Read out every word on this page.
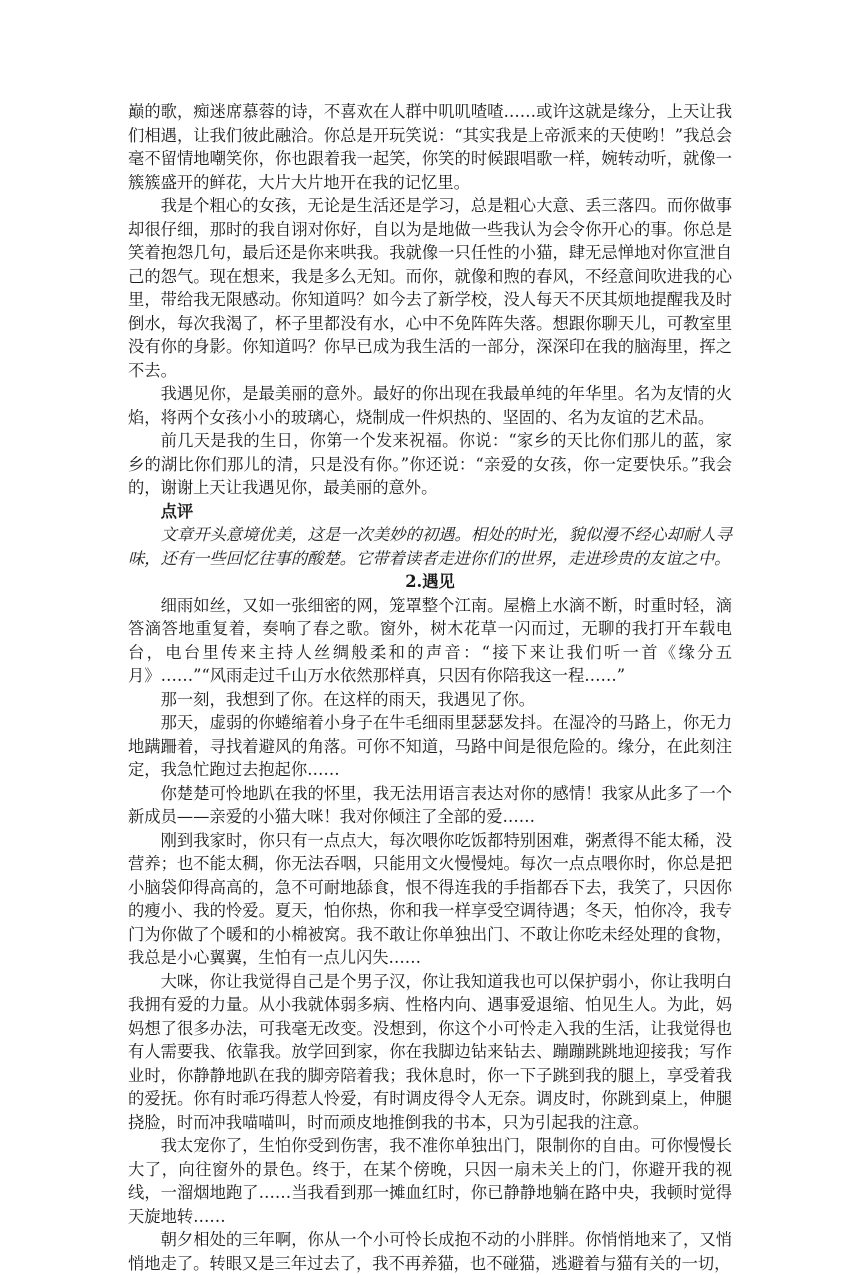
巅的歌，痴迷席慕蓉的诗，不喜欢在人群中叽叽喳喳……或许这就是缘分，上天让我们相遇，让我们彼此融洽。你总是开玩笑说：“其实我是上帝派来的天使哟！”我总会毫不留情地嘲笑你，你也跟着我一起笑，你笑的时候跟唱歌一样，婉转动听，就像一簇簇盛开的鲜花，大片大片地开在我的记忆里。

我是个粗心的女孩，无论是生活还是学习，总是粗心大意、丢三落四。而你做事却很仔细，那时的我自诩对你好，自以为是地做一些我认为会令你开心的事。你总是笑着抱怨几句，最后还是你来哄我。我就像一只任性的小猫，肆无忌惮地对你宣泄自己的怨气。现在想来，我是多么无知。而你，就像和煦的春风，不经意间吹进我的心里，带给我无限感动。你知道吗？如今去了新学校，没人每天不厌其烦地提醒我及时倒水，每次我渴了，杯子里都没有水，心中不免阵阵失落。想跟你聊天儿，可教室里没有你的身影。你知道吗？你早已成为我生活的一部分，深深印在我的脑海里，挥之不去。

我遇见你，是最美丽的意外。最好的你出现在我最单纯的年华里。名为友情的火焰，将两个女孩小小的玻璃心，烧制成一件炽热的、坚固的、名为友谊的艺术品。

前几天是我的生日，你第一个发来祝福。你说：“家乡的天比你们那儿的蓝，家乡的湖比你们那儿的清，只是没有你。”你还说：“亲爱的女孩，你一定要快乐。”我会的，谢谢上天让我遇见你，最美丽的意外。

点评

文章开头意境优美，这是一次美妙的初遇。相处的时光，貌似漫不经心却耐人寻味，还有一些回忆往事的酸楚。它带着读者走进你们的世界，走进珍贵的友谊之中。

2.遇见

细雨如丝，又如一张细密的网，笼罩整个江南。屋檐上水滴不断，时重时轻，滴答滴答地重复着，奏响了春之歌。窗外，树木花草一闪而过，无聊的我打开车载电台，电台里传来主持人丝绸般柔和的声音：“接下来让我们听一首《缘分五月》……”“风雨走过千山万水依然那样真，只因有你陪我这一程……”

那一刻，我想到了你。在这样的雨天，我遇见了你。

那天，虚弱的你蜷缩着小身子在牛毛细雨里瑟瑟发抖。在湿冷的马路上，你无力地蹒跚着，寻找着避风的角落。可你不知道，马路中间是很危险的。缘分，在此刻注定，我急忙跑过去抱起你……

你楚楚可怜地趴在我的怀里，我无法用语言表达对你的感情！我家从此多了一个新成员——亲爱的小猫大咪！我对你倾注了全部的爱……

刚到我家时，你只有一点点大，每次喂你吃饭都特别困难，粥煮得不能太稀，没营养；也不能太稠，你无法吞咽，只能用文火慢慢炖。每次一点点喂你时，你总是把小脑袋仰得高高的，急不可耐地舔食，恨不得连我的手指都吞下去，我笑了，只因你的瘦小、我的怜爱。夏天，怕你热，你和我一样享受空调待遇；冬天，怕你冷，我专门为你做了个暖和的小棉被窝。我不敢让你单独出门、不敢让你吃未经处理的食物，我总是小心翼翼，生怕有一点儿闪失……

大咪，你让我觉得自己是个男子汉，你让我知道我也可以保护弱小，你让我明白我拥有爱的力量。从小我就体弱多病、性格内向、遇事爱退缩、怕见生人。为此，妈妈想了很多办法，可我毫无改变。没想到，你这个小可怜走入我的生活，让我觉得也有人需要我、依靠我。放学回到家，你在我脚边钻来钻去、蹦蹦跳跳地迎接我；写作业时，你静静地趴在我的脚旁陪着我；我休息时，你一下子跳到我的腿上，享受着我的爱抚。你有时乖巧得惹人怜爱，有时调皮得令人无奈。调皮时，你跳到桌上，伸腿挠脸，时而冲我喵喵叫，时而顽皮地推倒我的书本，只为引起我的注意。

我太宠你了，生怕你受到伤害，我不准你单独出门，限制你的自由。可你慢慢长大了，向往窗外的景色。终于，在某个傍晚，只因一扇未关上的门，你避开我的视线，一溜烟地跑了……当我看到那一摊血红时，你已静静地躺在路中央，我顿时觉得天旋地转……

朝夕相处的三年啊，你从一个小可怜长成抱不动的小胖胖。你悄悄地来了，又悄悄地走了。转眼又是三年过去了，我不再养猫，也不碰猫，逃避着与猫有关的一切，
